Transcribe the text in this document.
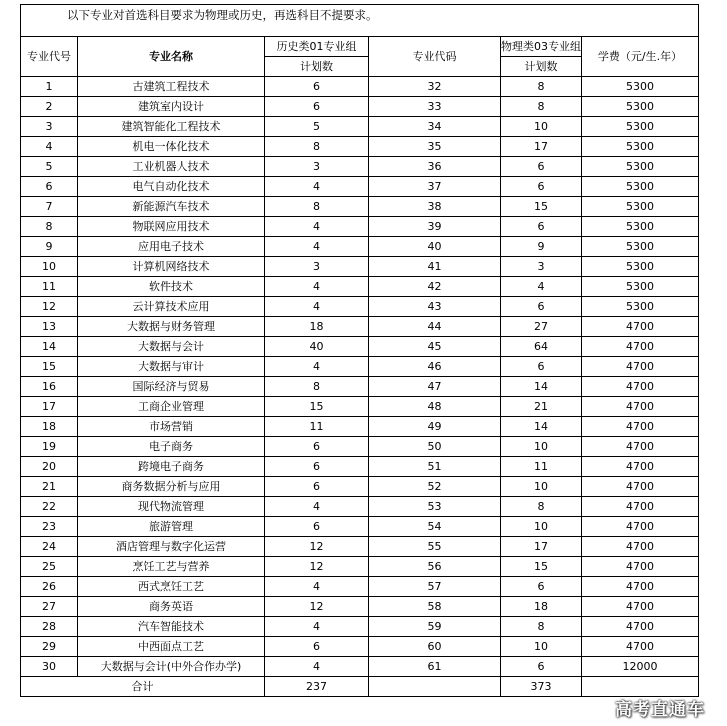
以下专业对首选科目要求为物理或历史，再选科目不提要求。					
专业代号	专业名称	历史类01专业组	专业代码	物理类03专业组	学费（元/生.年）
		计划数		计划数	
1	古建筑工程技术	6	32	8	5300
2	建筑室内设计	6	33	8	5300
3	建筑智能化工程技术	5	34	10	5300
4	机电一体化技术	8	35	17	5300
5	工业机器人技术	3	36	6	5300
6	电气自动化技术	4	37	6	5300
7	新能源汽车技术	8	38	15	5300
8	物联网应用技术	4	39	6	5300
9	应用电子技术	4	40	9	5300
10	计算机网络技术	3	41	3	5300
11	软件技术	4	42	4	5300
12	云计算技术应用	4	43	6	5300
13	大数据与财务管理	18	44	27	4700
14	大数据与会计	40	45	64	4700
15	大数据与审计	4	46	6	4700
16	国际经济与贸易	8	47	14	4700
17	工商企业管理	15	48	21	4700
18	市场营销	11	49	14	4700
19	电子商务	6	50	10	4700
20	跨境电子商务	6	51	11	4700
21	商务数据分析与应用	6	52	10	4700
22	现代物流管理	4	53	8	4700
23	旅游管理	6	54	10	4700
24	酒店管理与数字化运营	12	55	17	4700
25	烹饪工艺与营养	12	56	15	4700
26	西式烹饪工艺	4	57	6	4700
27	商务英语	12	58	18	4700
28	汽车智能技术	4	59	8	4700
29	中西面点工艺	6	60	10	4700
30	大数据与会计(中外合作办学)	4	61	6	12000
合计		237		373	
高考直通车
